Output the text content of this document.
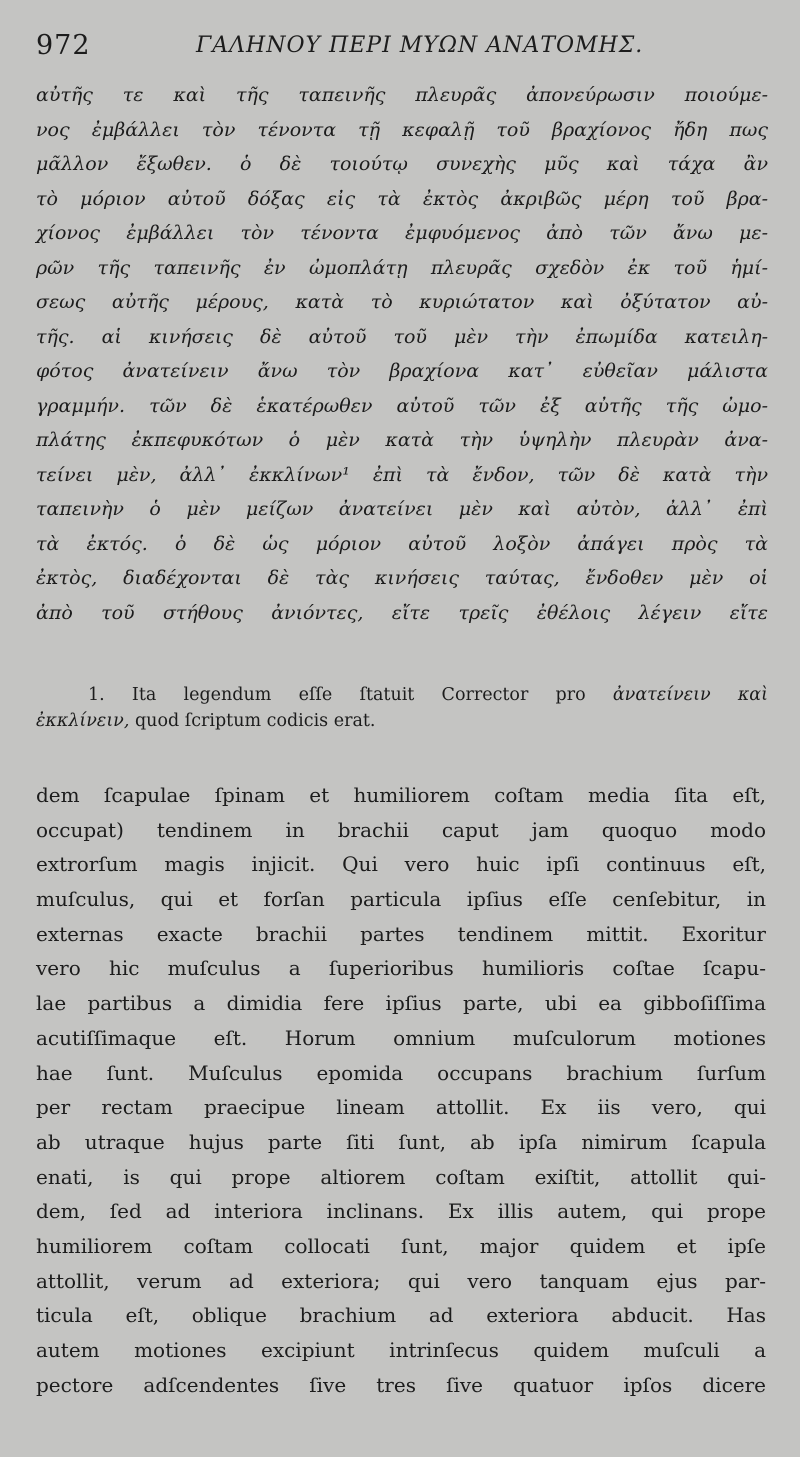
972	ΓΑΛΗΝΟΥ ΠΕΡΙ ΜΥΩΝ ΑΝΑΤΟΜΗΣ.
αὐτῆς τε καὶ τῆς ταπεινῆς πλευρᾶς ἀπονεύρωσιν ποιούμε-
νος ἐμβάλλει τὸν τένοντα τῇ κεφαλῇ τοῦ βραχίονος ἤδη πως
μᾶλλον ἔξωθεν. ὁ δὲ τοιούτῳ συνεχὴς μῦς καὶ τάχα ἂν
τὸ μόριον αὐτοῦ δόξας εἰς τὰ ἐκτὸς ἀκριβῶς μέρη τοῦ βρα-
χίονος ἐμβάλλει τὸν τένοντα ἐμφυόμενος ἀπὸ τῶν ἄνω με-
ρῶν τῆς ταπεινῆς ἐν ὠμοπλάτῃ πλευρᾶς σχεδὸν ἐκ τοῦ ἡμί-
σεως αὐτῆς μέρους, κατὰ τὸ κυριώτατον καὶ ὀξύτατον αὐ-
τῆς. αἱ κινήσεις δὲ αὐτοῦ τοῦ μὲν τὴν ἐπωμίδα κατειλη-
φότος ἀνατείνειν ἄνω τὸν βραχίονα κατ᾽ εὐθεῖαν μάλιστα
γραμμήν. τῶν δὲ ἑκατέρωθεν αὐτοῦ τῶν ἐξ αὐτῆς τῆς ὠμο-
πλάτης ἐκπεφυκότων ὁ μὲν κατὰ τὴν ὑψηλὴν πλευρὰν ἀνα-
τείνει μὲν, ἀλλ᾽ ἐκκλίνων¹ ἐπὶ τὰ ἔνδον, τῶν δὲ κατὰ τὴν
ταπεινὴν ὁ μὲν μείζων ἀνατείνει μὲν καὶ αὐτὸν, ἀλλ᾽ ἐπὶ
τὰ ἐκτός. ὁ δὲ ὡς μόριον αὐτοῦ λοξὸν ἀπάγει πρὸς τὰ
ἐκτὸς, διαδέχονται δὲ τὰς κινήσεις ταύτας, ἔνδοθεν μὲν οἱ
ἀπὸ τοῦ στήθους ἀνιόντες, εἴτε τρεῖς ἐθέλοις λέγειν εἴτε
1. Ita legendum eſſe ſtatuit Corrector pro ἀνατείνειν καὶ
ἐκκλίνειν, quod ſcriptum codicis erat.
dem ſcapulae ſpinam et humiliorem coſtam media ſita eſt,
occupat) tendinem in brachii caput jam quoquo modo
extrorſum magis injicit. Qui vero huic ipſi continuus eſt,
muſculus, qui et forſan particula ipſius eſſe cenſebitur, in
externas exacte brachii partes tendinem mittit. Exoritur
vero hic muſculus a ſuperioribus humilioris coſtae ſcapu-
lae partibus a dimidia fere ipſius parte, ubi ea gibboſiſſima
acutiſſimaque eſt. Horum omnium muſculorum motiones
hae ſunt. Muſculus epomida occupans brachium ſurſum
per rectam praecipue lineam attollit. Ex iis vero, qui
ab utraque hujus parte ſiti ſunt, ab ipſa nimirum ſcapula
enati, is qui prope altiorem coſtam exiſtit, attollit qui-
dem, ſed ad interiora inclinans. Ex illis autem, qui prope
humiliorem coſtam collocati ſunt, major quidem et ipſe
attollit, verum ad exteriora; qui vero tanquam ejus par-
ticula eſt, oblique brachium ad exteriora abducit. Has
autem motiones excipiunt intrinſecus quidem muſculi a
pectore adſcendentes ſive tres ſive quatuor ipſos dicere
